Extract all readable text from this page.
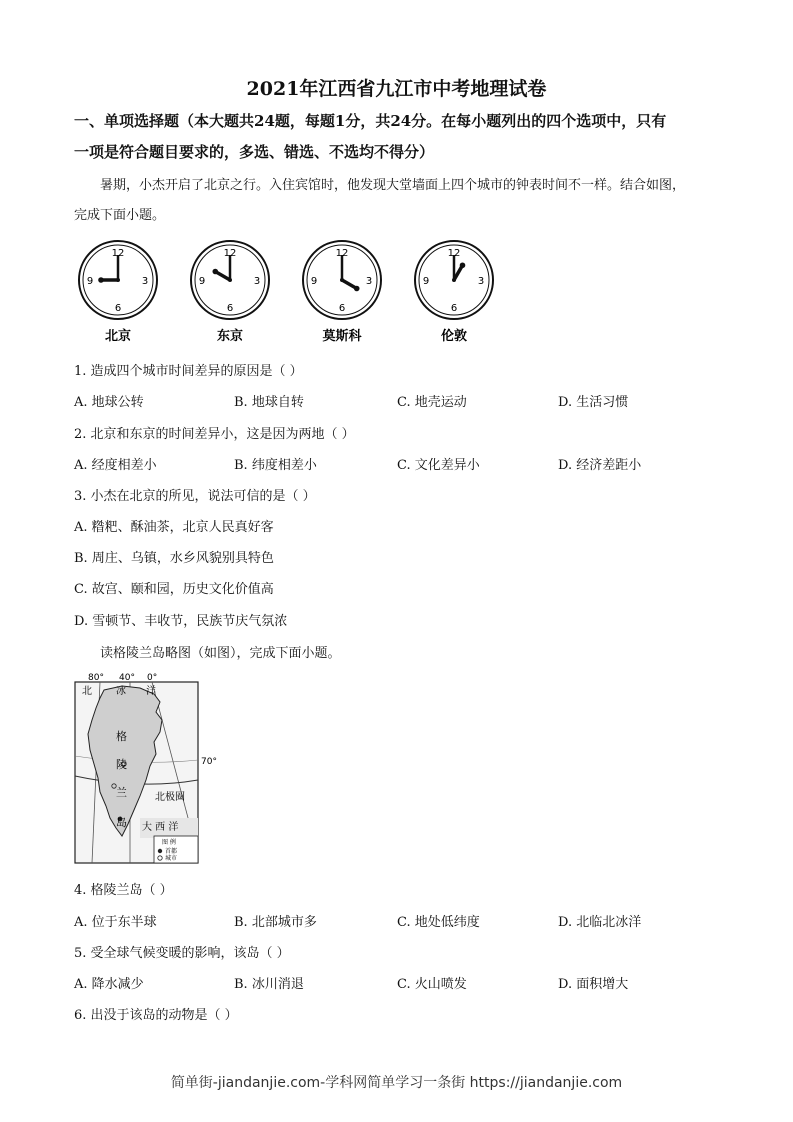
2021年江西省九江市中考地理试卷
一、单项选择题（本大题共24题，每题1分，共24分。在每小题列出的四个选项中，只有
一项是符合题目要求的，多选、错选、不选均不得分）
暑期，小杰开启了北京之行。入住宾馆时，他发现大堂墙面上四个城市的钟表时间不一样。结合如图，
完成下面小题。
12
3
6
9
北京
12
3
6
9
东京
12
3
6
9
莫斯科
12
3
6
9
伦敦
1. 造成四个城市时间差异的原因是（ ）
A. 地球公转	B. 地球自转	C. 地壳运动	D. 生活习惯
2. 北京和东京的时间差异小，这是因为两地（ ）
A. 经度相差小	B. 纬度相差小	C. 文化差异小	D. 经济差距小
3. 小杰在北京的所见，说法可信的是（ ）
A. 糌粑、酥油茶，北京人民真好客
B. 周庄、乌镇，水乡风貌别具特色
C. 故宫、颐和园，历史文化价值高
D. 雪顿节、丰收节，民族节庆气氛浓
读格陵兰岛略图（如图），完成下面小题。
80° 40° 0°
70°
北 冰 洋
格
陵
兰
岛
北极圈
大 西 洋
图 例
首都
城市
4. 格陵兰岛（ ）
A. 位于东半球	B. 北部城市多	C. 地处低纬度	D. 北临北冰洋
5. 受全球气候变暖的影响，该岛（ ）
A. 降水减少	B. 冰川消退	C. 火山喷发	D. 面积增大
6. 出没于该岛的动物是（ ）
简单街-jiandanjie.com-学科网简单学习一条街 https://jiandanjie.com
